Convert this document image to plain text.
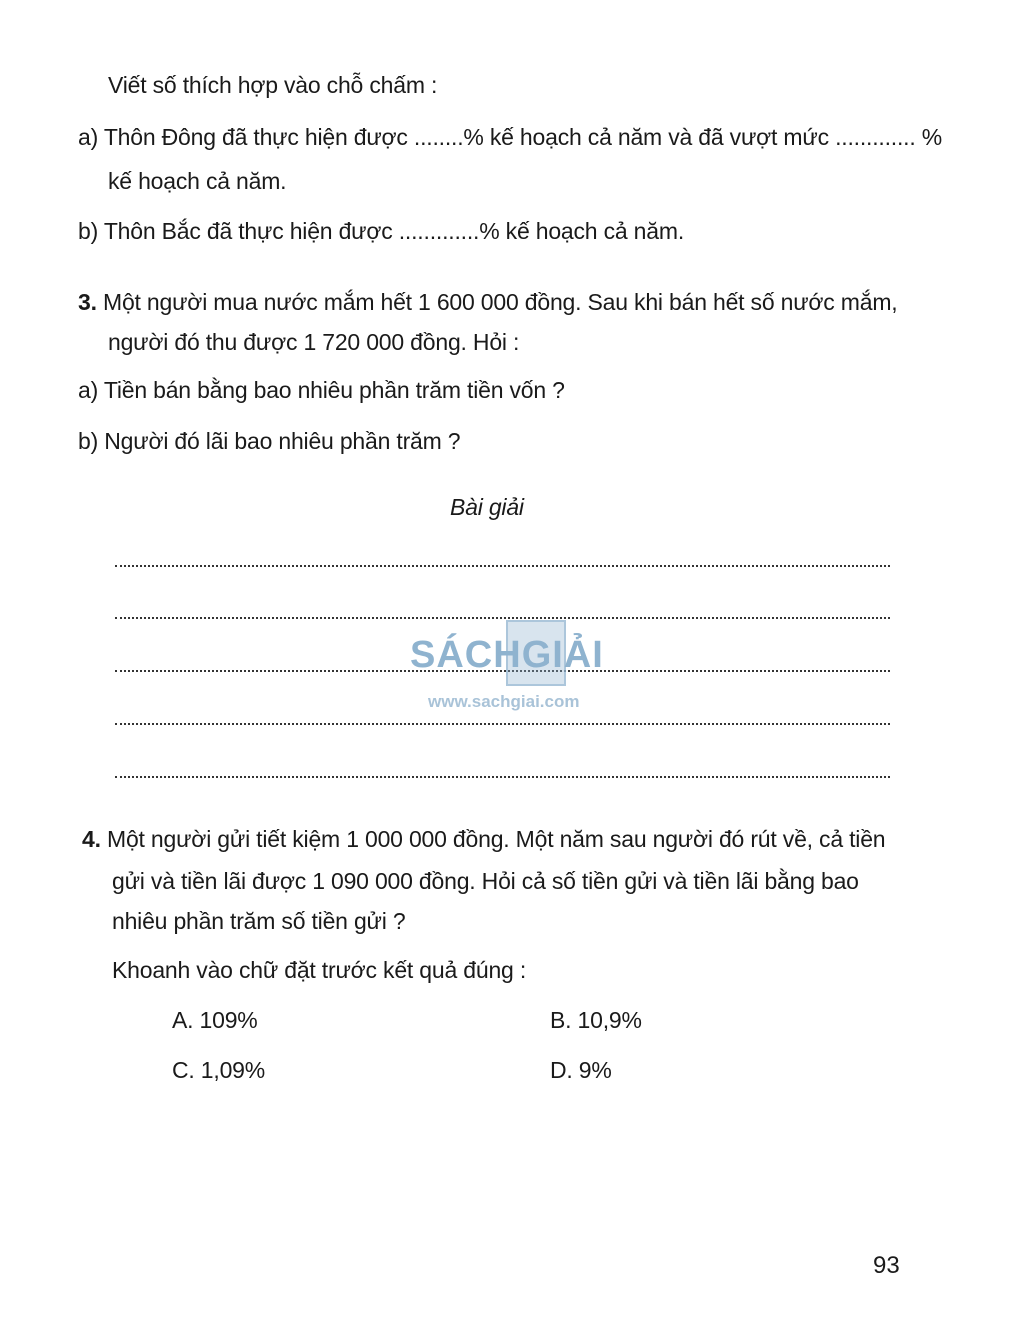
Viết số thích hợp vào chỗ chấm :
a) Thôn Đông đã thực hiện được ........% kế hoạch cả năm và đã vượt mức ............. %
kế hoạch cả năm.
b) Thôn Bắc đã thực hiện được .............% kế hoạch cả năm.
3. Một người mua nước mắm hết 1 600 000 đồng. Sau khi bán hết số nước mắm,
người đó thu được 1 720 000 đồng. Hỏi :
a) Tiền bán bằng bao nhiêu phần trăm tiền vốn ?
b) Người đó lãi bao nhiêu phần trăm ?
Bài giải
SÁCHGIẢI
www.sachgiai.com
4. Một người gửi tiết kiệm 1 000 000 đồng. Một năm sau người đó rút về, cả tiền
gửi và tiền lãi được 1 090 000 đồng. Hỏi cả số tiền gửi và tiền lãi bằng bao
nhiêu phần trăm số tiền gửi ?
Khoanh vào chữ đặt trước kết quả đúng :
A. 109%	B. 10,9%
C. 1,09%	D. 9%
93
